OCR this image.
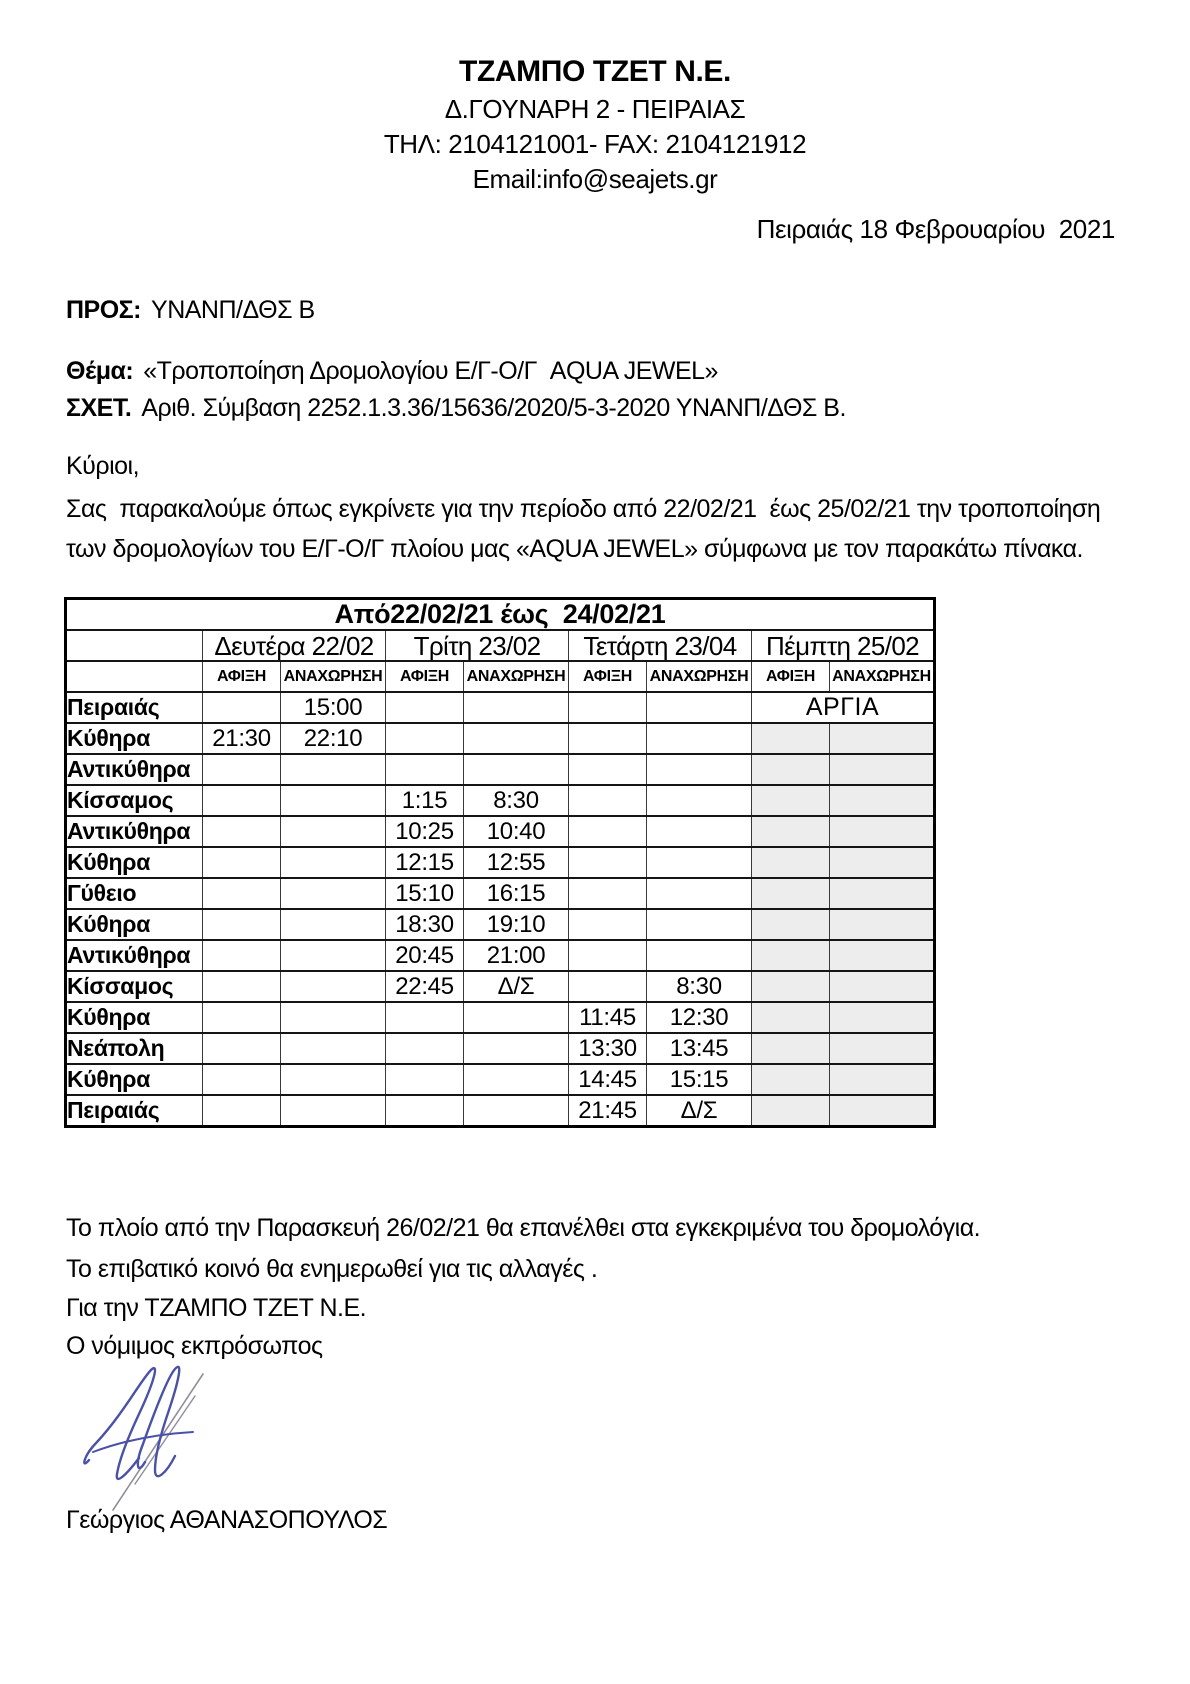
ΤΖΑΜΠΟ ΤΖΕΤ Ν.Ε.
Δ.ΓΟΥΝΑΡΗ 2 - ΠΕΙΡΑΙΑΣ
ΤΗΛ: 2104121001- FAX: 2104121912
Email:info@seajets.gr
Πειραιάς 18 Φεβρουαρίου  2021
ΠΡΟΣ: ΥΝΑΝΠ/ΔΘΣ Β
Θέμα: «Τροποποίηση Δρομολογίου Ε/Γ-Ο/Γ  AQUA JEWEL»
ΣΧΕΤ. Αριθ. Σύμβαση 2252.1.3.36/15636/2020/5-3-2020 ΥΝΑΝΠ/ΔΘΣ Β.
Κύριοι,
Σας  παρακαλούμε όπως εγκρίνετε για την περίοδο από 22/02/21  έως 25/02/21 την τροποποίηση
των δρομολογίων του Ε/Γ-Ο/Γ πλοίου μας «AQUA JEWEL» σύμφωνα με τον παρακάτω πίνακα.
Από22/02/21 έως  24/02/21								
	Δευτέρα 22/02		Τρίτη 23/02		Τετάρτη 23/04		Πέμπτη 25/02	
	ΑΦΙΞΗ	ΑΝΑΧΩΡΗΣΗ	ΑΦΙΞΗ	ΑΝΑΧΩΡΗΣΗ	ΑΦΙΞΗ	ΑΝΑΧΩΡΗΣΗ	ΑΦΙΞΗ	ΑΝΑΧΩΡΗΣΗ
Πειραιάς		15:00					ΑΡΓΙΑ	
Κύθηρα	21:30	22:10						
Αντικύθηρα								
Κίσσαμος			1:15	8:30				
Αντικύθηρα			10:25	10:40				
Κύθηρα			12:15	12:55				
Γύθειο			15:10	16:15				
Κύθηρα			18:30	19:10				
Αντικύθηρα			20:45	21:00				
Κίσσαμος			22:45	Δ/Σ		8:30		
Κύθηρα					11:45	12:30		
Νεάπολη					13:30	13:45		
Κύθηρα					14:45	15:15		
Πειραιάς					21:45	Δ/Σ		
Το πλοίο από την Παρασκευή 26/02/21 θα επανέλθει στα εγκεκριμένα του δρομολόγια.
Το επιβατικό κοινό θα ενημερωθεί για τις αλλαγές .
Για την ΤΖΑΜΠΟ ΤΖΕΤ Ν.Ε.
Ο νόμιμος εκπρόσωπος
Γεώργιος ΑΘΑΝΑΣΟΠΟΥΛΟΣ
